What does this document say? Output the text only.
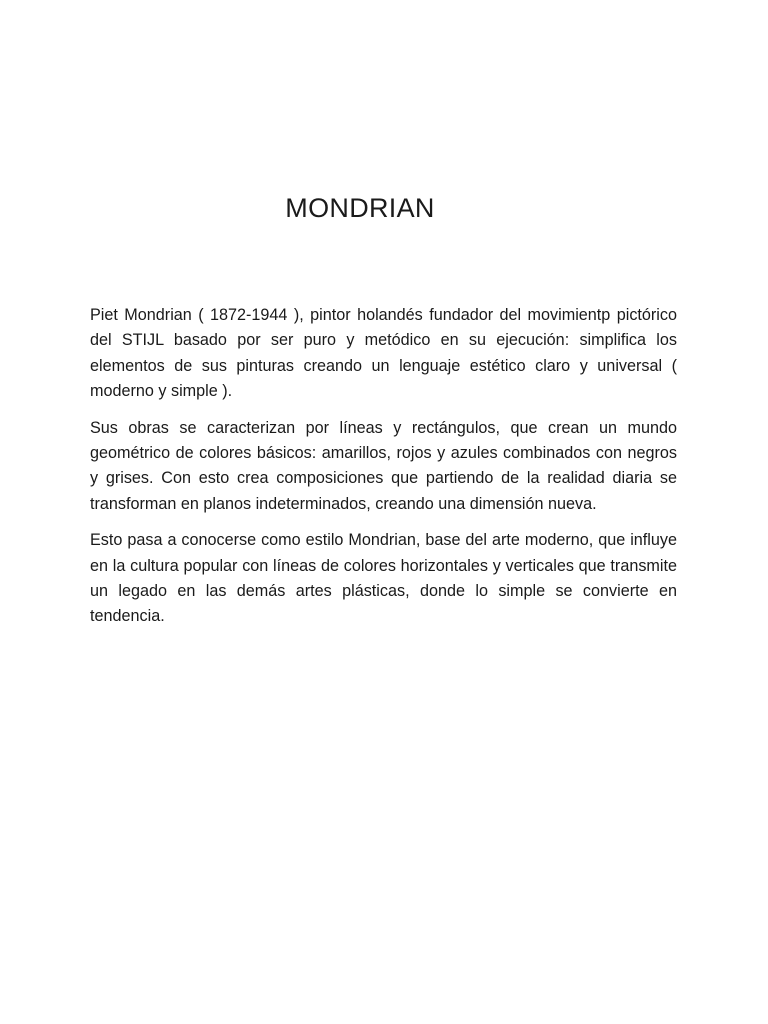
MONDRIAN

Piet Mondrian ( 1872-1944 ), pintor holandés fundador del movimientp pictórico del STIJL basado por ser puro y metódico en su ejecución: simplifica los elementos de sus pinturas creando un lenguaje estético claro y universal ( moderno y simple ).

Sus obras se caracterizan por líneas y rectángulos, que crean un mundo geométrico de colores básicos: amarillos, rojos y azules combinados con negros y grises. Con esto crea composiciones que partiendo de la realidad diaria se transforman en planos indeterminados, creando una dimensión nueva.

Esto pasa a conocerse como estilo Mondrian, base del arte moderno, que influye en la cultura popular con líneas de colores horizontales y verticales que transmite un legado en las demás artes plásticas, donde lo simple se convierte en tendencia.
